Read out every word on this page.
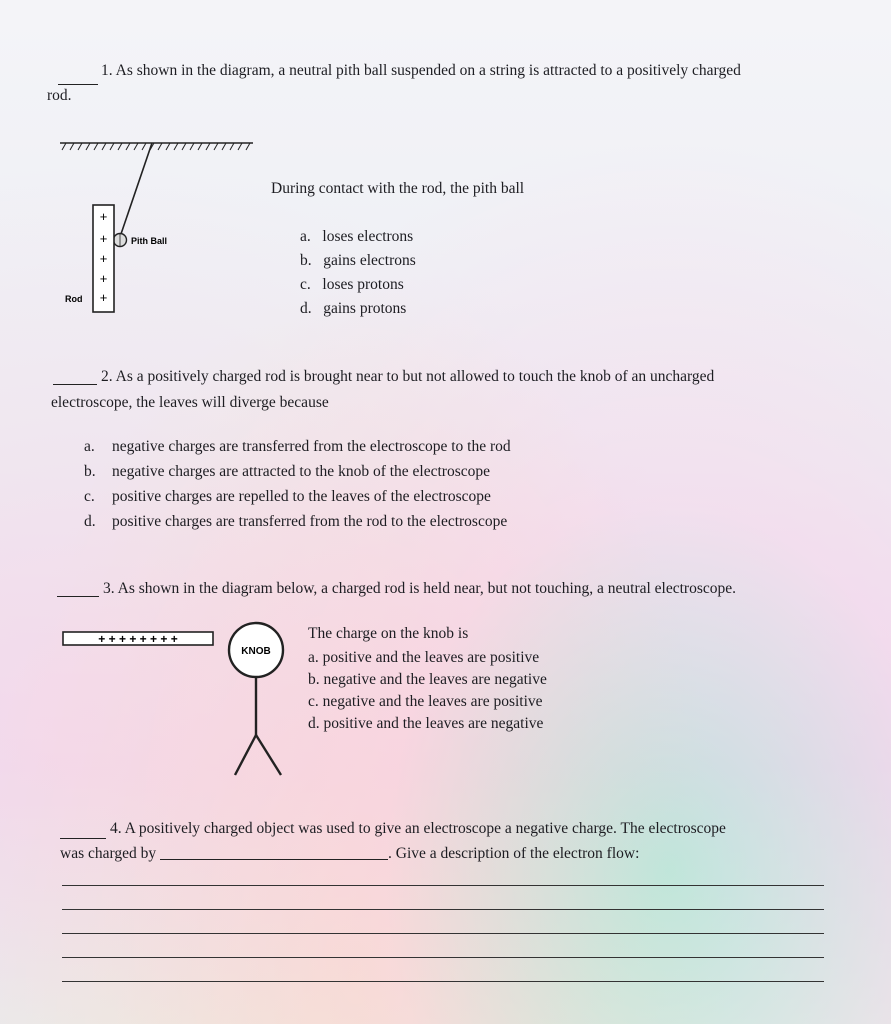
1. As shown in the diagram, a neutral pith ball suspended on a string is attracted to a positively charged
rod.
+
+
+
+
+
Pith Ball
Rod
+ + + + + + + +
KNOB
During contact with the rod, the pith ball
a. loses electrons
b. gains electrons
c. loses protons
d. gains protons
2. As a positively charged rod is brought near to but not allowed to touch the knob of an uncharged
electroscope, the leaves will diverge because
a. negative charges are transferred from the electroscope to the rod
b. negative charges are attracted to the knob of the electroscope
c. positive charges are repelled to the leaves of the electroscope
d. positive charges are transferred from the rod to the electroscope
3. As shown in the diagram below, a charged rod is held near, but not touching, a neutral electroscope.
The charge on the knob is
a. positive and the leaves are positive
b. negative and the leaves are negative
c. negative and the leaves are positive
d. positive and the leaves are negative
4. A positively charged object was used to give an electroscope a negative charge. The electroscope
was charged by	. Give a description of the electron flow:
